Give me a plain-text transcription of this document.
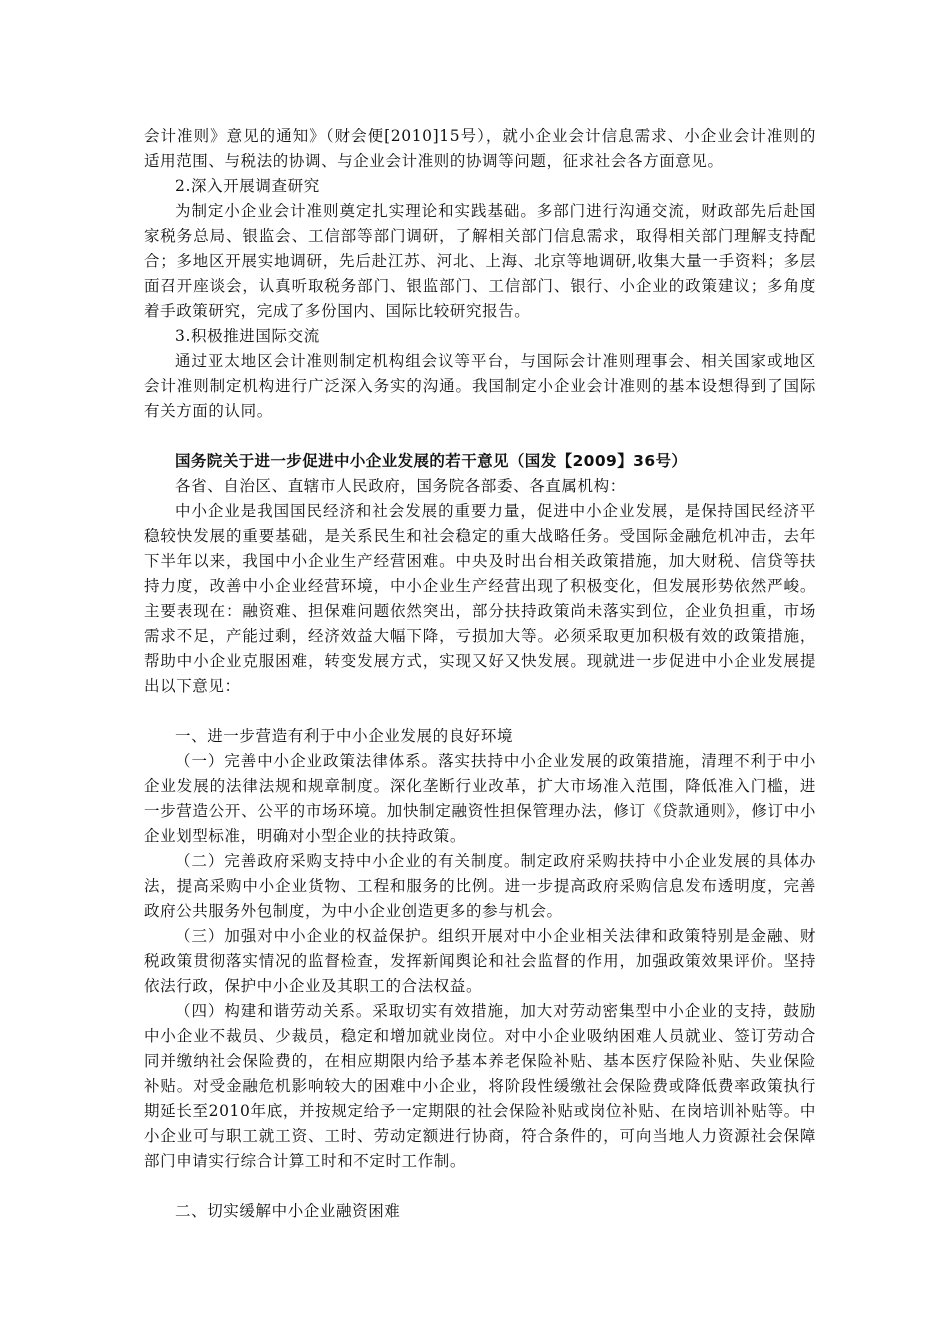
会计准则》意见的通知》（财会便[2010]15号），就小企业会计信息需求、小企业会计准则的适用范围、与税法的协调、与企业会计准则的协调等问题，征求社会各方面意见。

2.深入开展调查研究

为制定小企业会计准则奠定扎实理论和实践基础。多部门进行沟通交流，财政部先后赴国家税务总局、银监会、工信部等部门调研，了解相关部门信息需求，取得相关部门理解支持配合；多地区开展实地调研，先后赴江苏、河北、上海、北京等地调研,收集大量一手资料；多层面召开座谈会，认真听取税务部门、银监部门、工信部门、银行、小企业的政策建议；多角度着手政策研究，完成了多份国内、国际比较研究报告。

3.积极推进国际交流

通过亚太地区会计准则制定机构组会议等平台，与国际会计准则理事会、相关国家或地区会计准则制定机构进行广泛深入务实的沟通。我国制定小企业会计准则的基本设想得到了国际有关方面的认同。

国务院关于进一步促进中小企业发展的若干意见（国发【2009】36号）

各省、自治区、直辖市人民政府，国务院各部委、各直属机构：

中小企业是我国国民经济和社会发展的重要力量，促进中小企业发展，是保持国民经济平稳较快发展的重要基础，是关系民生和社会稳定的重大战略任务。受国际金融危机冲击，去年下半年以来，我国中小企业生产经营困难。中央及时出台相关政策措施，加大财税、信贷等扶持力度，改善中小企业经营环境，中小企业生产经营出现了积极变化，但发展形势依然严峻。主要表现在：融资难、担保难问题依然突出，部分扶持政策尚未落实到位，企业负担重，市场需求不足，产能过剩，经济效益大幅下降，亏损加大等。必须采取更加积极有效的政策措施，帮助中小企业克服困难，转变发展方式，实现又好又快发展。现就进一步促进中小企业发展提出以下意见：

一、进一步营造有利于中小企业发展的良好环境

（一）完善中小企业政策法律体系。落实扶持中小企业发展的政策措施，清理不利于中小企业发展的法律法规和规章制度。深化垄断行业改革，扩大市场准入范围，降低准入门槛，进一步营造公开、公平的市场环境。加快制定融资性担保管理办法，修订《贷款通则》，修订中小企业划型标准，明确对小型企业的扶持政策。

（二）完善政府采购支持中小企业的有关制度。制定政府采购扶持中小企业发展的具体办法，提高采购中小企业货物、工程和服务的比例。进一步提高政府采购信息发布透明度，完善政府公共服务外包制度，为中小企业创造更多的参与机会。

（三）加强对中小企业的权益保护。组织开展对中小企业相关法律和政策特别是金融、财税政策贯彻落实情况的监督检查，发挥新闻舆论和社会监督的作用，加强政策效果评价。坚持依法行政，保护中小企业及其职工的合法权益。

（四）构建和谐劳动关系。采取切实有效措施，加大对劳动密集型中小企业的支持，鼓励中小企业不裁员、少裁员，稳定和增加就业岗位。对中小企业吸纳困难人员就业、签订劳动合同并缴纳社会保险费的，在相应期限内给予基本养老保险补贴、基本医疗保险补贴、失业保险补贴。对受金融危机影响较大的困难中小企业，将阶段性缓缴社会保险费或降低费率政策执行期延长至2010年底，并按规定给予一定期限的社会保险补贴或岗位补贴、在岗培训补贴等。中小企业可与职工就工资、工时、劳动定额进行协商，符合条件的，可向当地人力资源社会保障部门申请实行综合计算工时和不定时工作制。

二、切实缓解中小企业融资困难
